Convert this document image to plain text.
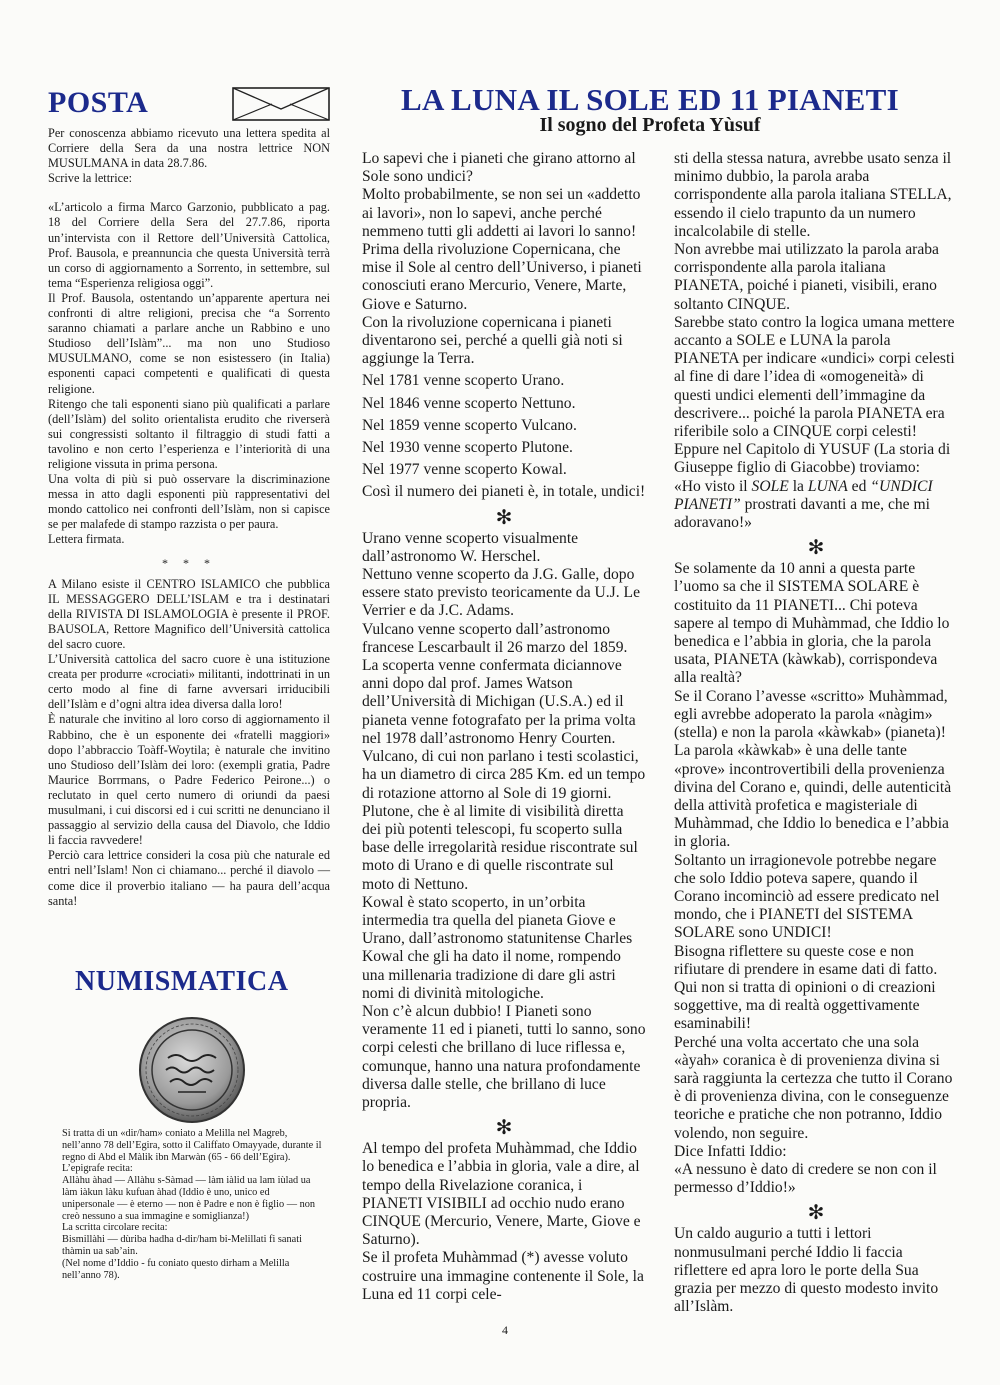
POSTA

Per conoscenza abbiamo ricevuto una lettera spedita al Corriere della Sera da una nostra lettrice NON MUSULMANA in data 28.7.86.

Scrive la lettrice:

«L’articolo a firma Marco Garzonio, pubblicato a pag. 18 del Corriere della Sera del 27.7.86, riporta un’intervista con il Rettore dell’Università Cattolica, Prof. Bausola, e preannuncia che questa Università terrà un corso di aggiornamento a Sorrento, in settembre, sul tema “Esperienza religiosa oggi”.

Il Prof. Bausola, ostentando un’apparente apertura nei confronti di altre religioni, precisa che “a Sorrento saranno chiamati a parlare anche un Rabbino e uno Studioso dell’Islàm”... ma non uno Studioso MUSULMANO, come se non esistessero (in Italia) esponenti capaci competenti e qualificati di questa religione.

Ritengo che tali esponenti siano più qualificati a parlare (dell’Islàm) del solito orientalista erudito che riverserà sui congressisti soltanto il filtraggio di studi fatti a tavolino e non certo l’esperienza e l’interiorità di una religione vissuta in prima persona.

Una volta di più si può osservare la discriminazione messa in atto dagli esponenti più rappresentativi del mondo cattolico nei confronti dell’Islàm, non si capisce se per malafede di stampo razzista o per paura.

Lettera firmata.

* * *

A Milano esiste il CENTRO ISLAMICO che pubblica IL MESSAGGERO DELL’ISLAM e tra i destinatari della RIVISTA DI ISLAMOLOGIA è presente il PROF. BAUSOLA, Rettore Magnifico dell’Università cattolica del sacro cuore.

L’Università cattolica del sacro cuore è una istituzione creata per produrre «crociati» militanti, indottrinati in un certo modo al fine di farne avversari irriducibili dell’Islàm e d’ogni altra idea diversa dalla loro!

È naturale che invitino al loro corso di aggiornamento il Rabbino, che è un esponente dei «fratelli maggiori» dopo l’abbraccio Toàff-Woytila; è naturale che invitino uno Studioso dell’Islàm dei loro: (exempli gratia, Padre Maurice Borrmans, o Padre Federico Peirone...) o reclutato in quel certo numero di oriundi da paesi musulmani, i cui discorsi ed i cui scritti ne denunciano il passaggio al servizio della causa del Diavolo, che Iddio li faccia ravvedere!

Perciò cara lettrice consideri la cosa più che naturale ed entri nell’Islam! Non ci chiamano... perché il diavolo — come dice il proverbio italiano — ha paura dell’acqua santa!

NUMISMATICA

Si tratta di un «dir/ham» coniato a Melilla nel Magreb, nell’anno 78 dell’Egira, sotto il Califfato Omayyade, durante il regno di Abd el Màlik ibn Marwàn (65 - 66 dell’Egira).

L’epigrafe recita:

Allàhu àhad — Allàhu s-Sàmad — làm iàlid ua lam iùlad ua làm iàkun làku kufuan àhad (Iddio è uno, unico ed unipersonale — è eterno — non è Padre e non è figlio — non creò nessuno a sua immagine e somiglianza!)

La scritta circolare recita:

Bismillàhi — dùriba hadha d-dir/ham bi-Melillati fi sanati thàmin ua sab’ain.

(Nel nome d’Iddio - fu coniato questo dirham a Melilla nell’anno 78).

LA LUNA IL SOLE ED 11 PIANETI
Il sogno del Profeta Yùsuf

Lo sapevi che i pianeti che girano attorno al Sole sono undici?

Molto probabilmente, se non sei un «addetto ai lavori», non lo sapevi, anche perché nemmeno tutti gli addetti ai lavori lo sanno!

Prima della rivoluzione Copernicana, che mise il Sole al centro dell’Universo, i pianeti conosciuti erano Mercurio, Venere, Marte, Giove e Saturno.

Con la rivoluzione copernicana i pianeti diventarono sei, perché a quelli già noti si aggiunge la Terra.

Nel 1781 venne scoperto Urano.

Nel 1846 venne scoperto Nettuno.

Nel 1859 venne scoperto Vulcano.

Nel 1930 venne scoperto Plutone.

Nel 1977 venne scoperto Kowal.

Così il numero dei pianeti è, in totale, undici!

✻

Urano venne scoperto visualmente dall’astronomo W. Herschel.

Nettuno venne scoperto da J.G. Galle, dopo essere stato previsto teoricamente da U.J. Le Verrier e da J.C. Adams.

Vulcano venne scoperto dall’astronomo francese Lescarbault il 26 marzo del 1859.

La scoperta venne confermata diciannove anni dopo dal prof. James Watson dell’Università di Michigan (U.S.A.) ed il pianeta venne fotografato per la prima volta nel 1978 dall’astronomo Henry Courten.

Vulcano, di cui non parlano i testi scolastici, ha un diametro di circa 285 Km. ed un tempo di rotazione attorno al Sole di 19 giorni.

Plutone, che è al limite di visibilità diretta dei più potenti telescopi, fu scoperto sulla base delle irregolarità residue riscontrate sul moto di Urano e di quelle riscontrate sul moto di Nettuno.

Kowal è stato scoperto, in un’orbita intermedia tra quella del pianeta Giove e Urano, dall’astronomo statunitense Charles Kowal che gli ha dato il nome, rompendo una millenaria tradizione di dare gli astri nomi di divinità mitologiche.

Non c’è alcun dubbio! I Pianeti sono veramente 11 ed i pianeti, tutti lo sanno, sono corpi celesti che brillano di luce riflessa e, comunque, hanno una natura profondamente diversa dalle stelle, che brillano di luce propria.

✻

Al tempo del profeta Muhàmmad, che Iddio lo benedica e l’abbia in gloria, vale a dire, al tempo della Rivelazione coranica, i PIANETI VISIBILI ad occhio nudo erano CINQUE (Mercurio, Venere, Marte, Giove e Saturno).

Se il profeta Muhàmmad (*) avesse voluto costruire una immagine contenente il Sole, la Luna ed 11 corpi cele-

sti della stessa natura, avrebbe usato senza il minimo dubbio, la parola araba corrispondente alla parola italiana STELLA, essendo il cielo trapunto da un numero incalcolabile di stelle.

Non avrebbe mai utilizzato la parola araba corrispondente alla parola italiana PIANETA, poiché i pianeti, visibili, erano soltanto CINQUE.

Sarebbe stato contro la logica umana mettere accanto a SOLE e LUNA la parola PIANETA per indicare «undici» corpi celesti al fine di dare l’idea di «omogeneità» di questi undici elementi dell’immagine da descrivere... poiché la parola PIANETA era riferibile solo a CINQUE corpi celesti!

Eppure nel Capitolo di YUSUF (La storia di Giuseppe figlio di Giacobbe) troviamo:

«Ho visto il SOLE la LUNA ed “UNDICI PIANETI” prostrati davanti a me, che mi adoravano!»

✻

Se solamente da 10 anni a questa parte l’uomo sa che il SISTEMA SOLARE è costituito da 11 PIANETI... Chi poteva sapere al tempo di Muhàmmad, che Iddio lo benedica e l’abbia in gloria, che la parola usata, PIANETA (kàwkab), corrispondeva alla realtà?

Se il Corano l’avesse «scritto» Muhàmmad, egli avrebbe adoperato la parola «nàgim» (stella) e non la parola «kàwkab» (pianeta)!

La parola «kàwkab» è una delle tante «prove» incontrovertibili della provenienza divina del Corano e, quindi, delle autenticità della attività profetica e magisteriale di Muhàmmad, che Iddio lo benedica e l’abbia in gloria.

Soltanto un irragionevole potrebbe negare che solo Iddio poteva sapere, quando il Corano incominciò ad essere predicato nel mondo, che i PIANETI del SISTEMA SOLARE sono UNDICI!

Bisogna riflettere su queste cose e non rifiutare di prendere in esame dati di fatto.

Qui non si tratta di opinioni o di creazioni soggettive, ma di realtà oggettivamente esaminabili!

Perché una volta accertato che una sola «àyah» coranica è di provenienza divina si sarà raggiunta la certezza che tutto il Corano è di provenienza divina, con le conseguenze teoriche e pratiche che non potranno, Iddio volendo, non seguire.

Dice Infatti Iddio:

«A nessuno è dato di credere se non con il permesso d’Iddio!»

✻

Un caldo augurio a tutti i lettori nonmusulmani perché Iddio li faccia riflettere ed apra loro le porte della Sua grazia per mezzo di questo modesto invito all’Islàm.

4
